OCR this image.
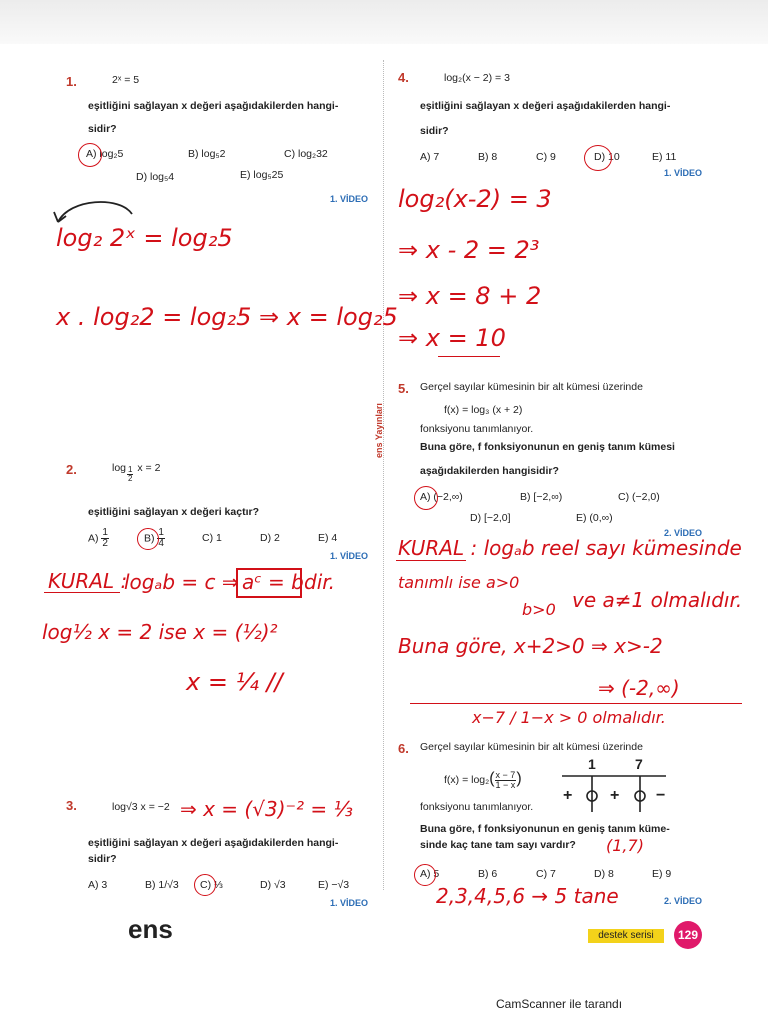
ens Yayınları
1.	2ˣ = 5
eşitliğini sağlayan x değeri aşağıdakilerden hangi-
sidir?
A) log₂5	B) log₅2	C) log₂32
D) log₅4	E) log₅25
1. VİDEO
log₂ 2ˣ = log₂5
x . log₂2 = log₂5 ⇒ x = log₂5
2.	$\log \frac{1}{2}$ x = 2
eşitliğini sağlayan x değeri kaçtır?
$A) \frac{1}{2}$	$B) \frac{1}{4}$	C) 1	D) 2	E) 4
1. VİDEO
KURAL :
logₐb = c ⇒ aᶜ = b dir.
log½ x = 2 ise x = (½)²
x = ¼ //
3.	log√3 x = −2 ⇒ x = (√3)⁻² = ⅓
eşitliğini sağlayan x değeri aşağıdakilerden hangi-
sidir?
A) 3	B) 1/√3 C) ⅓	D) √3	E) −√3
1. VİDEO
4.	log₂(x − 2) = 3
eşitliğini sağlayan x değeri aşağıdakilerden hangi-
sidir?
A) 7	B) 8	C) 9	D) 10	E) 11
1. VİDEO
log₂(x-2) = 3
⇒ x - 2 = 2³
⇒ x = 8 + 2
⇒ x = 10
5. Gerçel sayılar kümesinin bir alt kümesi üzerinde
f(x) = log₃ (x + 2)
fonksiyonu tanımlanıyor.
Buna göre, f fonksiyonunun en geniş tanım kümesi
aşağıdakilerden hangisidir?
A) (−2,∞)	B) [−2,∞)	C) (−2,0)
D) [−2,0]	E) (0,∞)
2. VİDEO
KURAL : logₐb reel sayı kümesinde
tanımlı ise a>0
b>0 ve a≠1 olmalıdır.
Buna göre, x+2>0 ⇒ x>-2
⇒ (-2,∞)
x−7 / 1−x > 0 olmalıdır.
6. Gerçel sayılar kümesinin bir alt kümesi üzerinde
$f(x) = \log_2( \frac{x - 7}{1 - x}$ )
fonksiyonu tanımlanıyor.
Buna göre, f fonksiyonunun en geniş tanım küme-
sinde kaç tane tam sayı vardır? (1,7)
1	7
+ + −
A) 5	B) 6	C) 7	D) 8	E) 9
2,3,4,5,6 → 5 tane	2. VİDEO
ens	destek serisi	129
CamScanner ile tarandı
